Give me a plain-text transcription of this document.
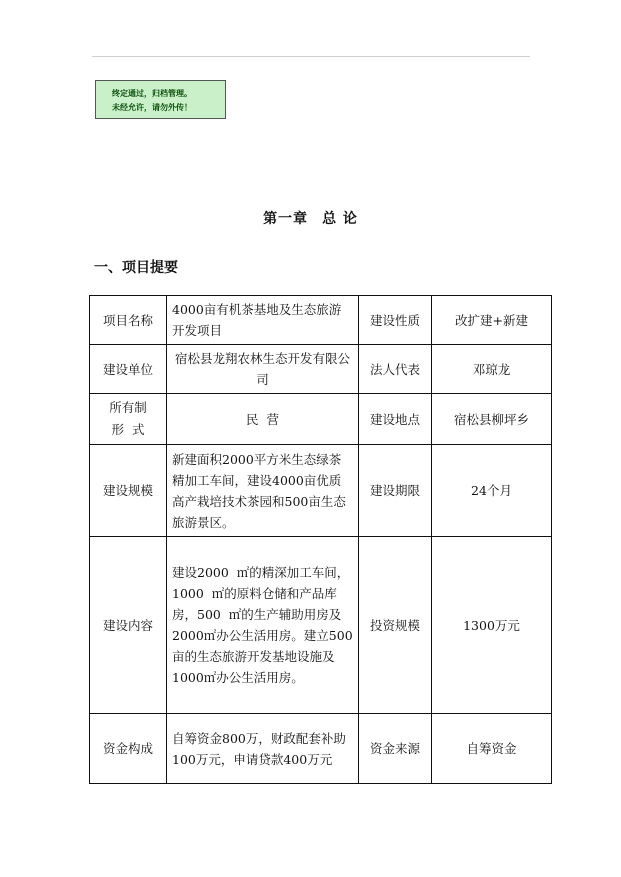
终定通过，归档管理。
未经允许，请勿外传！
第一章 总 论
一、项目提要
项目名称	4000亩有机茶基地及生态旅游开发项目	建设性质	改扩建+新建
建设单位	宿松县龙翔农林生态开发有限公司	法人代表	邓琼龙

所有制
形  式	民  营	建设地点	宿松县柳坪乡
建设规模	新建面积2000平方米生态绿茶精加工车间，建设4000亩优质高产栽培技术茶园和500亩生态旅游景区。	建设期限	24个月
建设内容	建设2000  ㎡的精深加工车间，1000  ㎡的原料仓储和产品库房，500  ㎡的生产辅助用房及2000㎡办公生活用房。建立500亩的生态旅游开发基地设施及1000㎡办公生活用房。	投资规模	1300万元
资金构成	自筹资金800万，财政配套补助100万元，申请贷款400万元	资金来源	自筹资金
